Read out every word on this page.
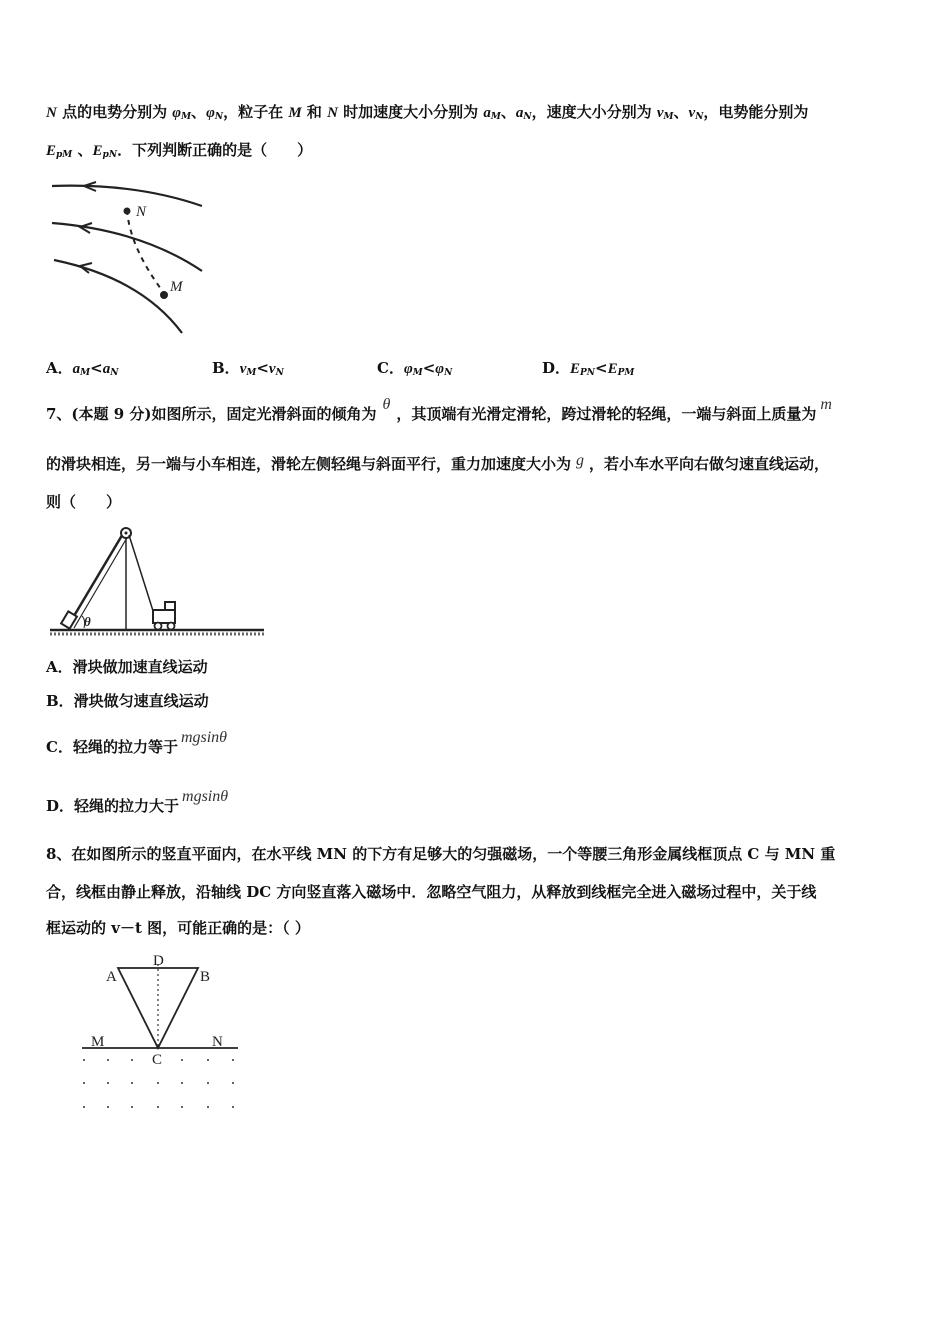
N 点的电势分别为 $\varphi_M$、$\varphi_N$，粒子在 M 和 N 时加速度大小分别为 $a_M$、$a_N$，速度大小分别为 $v_M$、$v_N$，电势能分别为
$E_{pM}$ 、$E_{pN}$．下列判断正确的是（　　）
N
M
A．$a_M<a_N$	B．$v_M<v_N$	C．$\varphi_M<\varphi_N$	D．$E_{PN}<E_{PM}$
7、(本题 9 分)如图所示，固定光滑斜面的倾角为θ，其顶端有光滑定滑轮，跨过滑轮的轻绳，一端与斜面上质量为m
的滑块相连，另一端与小车相连，滑轮左侧轻绳与斜面平行，重力加速度大小为 g ，若小车水平向右做匀速直线运动，
则（　　）
θ
A．滑块做加速直线运动
B．滑块做匀速直线运动
C．轻绳的拉力等于mgsinθ
D．轻绳的拉力大于mgsinθ
8、在如图所示的竖直平面内，在水平线 MN 的下方有足够大的匀强磁场，一个等腰三角形金属线框顶点 C 与 MN 重
合，线框由静止释放，沿轴线 DC 方向竖直落入磁场中．忽略空气阻力，从释放到线框完全进入磁场过程中，关于线
框运动的 v－t 图，可能正确的是：（ ）
A	B
D
C
M	N
